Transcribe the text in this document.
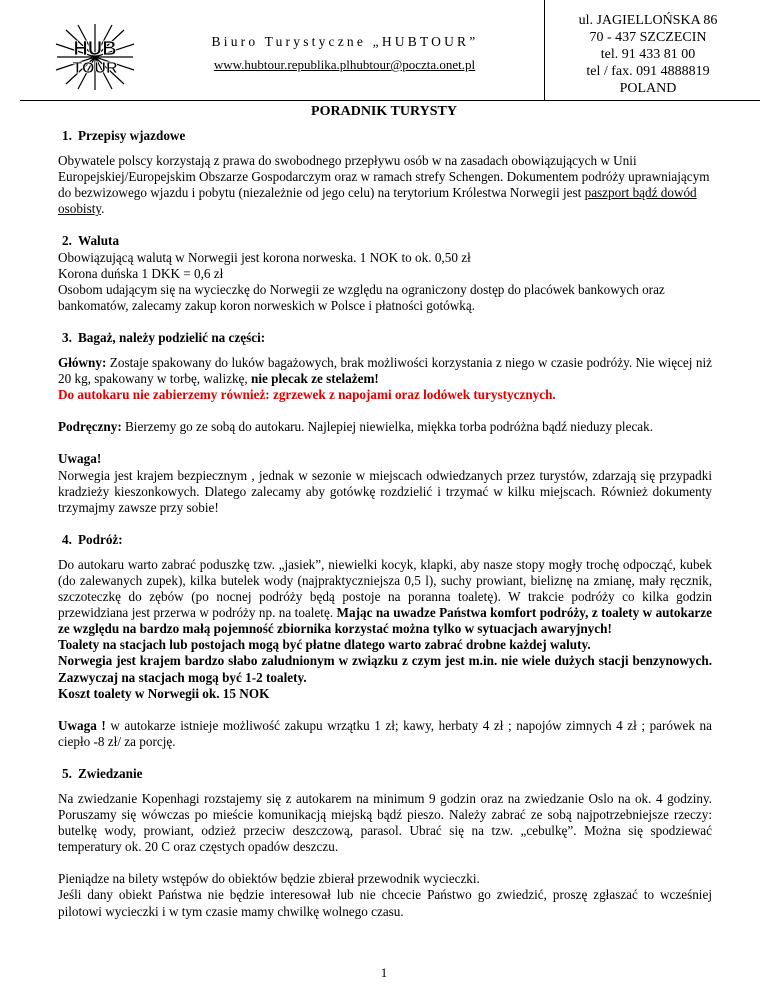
HUB
TOUR
Biuro Turystyczne „HUBTOUR”
www.hubtour.republika.plhubtour@poczta.onet.pl
ul. JAGIELLOŃSKA 86
70 - 437 SZCZECIN
tel. 91 433 81 00
tel / fax. 091 4888819
POLAND
PORADNIK TURYSTY

1. Przepisy wjazdowe

Obywatele polscy korzystają z prawa do swobodnego przepływu osób w na zasadach obowiązujących w Unii Europejskiej/Europejskim Obszarze Gospodarczym oraz w ramach strefy Schengen. Dokumentem podróży uprawniającym do bezwizowego wjazdu i pobytu (niezależnie od jego celu) na terytorium Królestwa Norwegii jest paszport bądź dowód osobisty.

2. Waluta

Obowiązującą walutą w Norwegii jest korona norweska. 1 NOK to ok. 0,50 zł

Korona duńska 1 DKK = 0,6 zł

Osobom udającym się na wycieczkę do Norwegii ze względu na ograniczony dostęp do placówek bankowych oraz bankomatów, zalecamy zakup koron norweskich w Polsce i płatności gotówką.

3. Bagaż, należy podzielić na części:

Główny: Zostaje spakowany do luków bagażowych, brak możliwości korzystania z niego w czasie podróży. Nie więcej niż 20 kg, spakowany w torbę, walizkę, nie plecak ze stelażem!

Do autokaru nie zabierzemy również: zgrzewek z napojami oraz lodówek turystycznych.

Podręczny: Bierzemy go ze sobą do autokaru. Najlepiej niewielka, miękka torba podróżna bądź nieduzy plecak.

Uwaga!

Norwegia jest krajem bezpiecznym , jednak w sezonie w miejscach odwiedzanych przez turystów, zdarzają się przypadki kradzieży kieszonkowych. Dlatego zalecamy aby gotówkę rozdzielić i trzymać w kilku miejscach. Również dokumenty trzymajmy zawsze przy sobie!

4. Podróż:

Do autokaru warto zabrać poduszkę tzw. „jasiek”, niewielki kocyk, klapki, aby nasze stopy mogły trochę odpocząć, kubek (do zalewanych zupek), kilka butelek wody (najpraktyczniejsza 0,5 l), suchy prowiant, bieliznę na zmianę, mały ręcznik, szczoteczkę do zębów (po nocnej podróży będą postoje na poranna toaletę). W trakcie podróży co kilka godzin przewidziana jest przerwa w podróży np. na toaletę. Mając na uwadze Państwa komfort podróży, z toalety w autokarze ze względu na bardzo małą pojemność zbiornika korzystać można tylko w sytuacjach awaryjnych!

Toalety na stacjach lub postojach mogą być płatne dlatego warto zabrać drobne każdej waluty.

Norwegia jest krajem bardzo słabo zaludnionym w związku z czym jest m.in. nie wiele dużych stacji benzynowych. Zazwyczaj na stacjach mogą być 1-2 toalety.

Koszt toalety w Norwegii ok. 15 NOK

Uwaga ! w autokarze istnieje możliwość zakupu wrzątku 1 zł; kawy, herbaty 4 zł ; napojów zimnych 4 zł ; parówek na ciepło -8 zł/ za porcję.

5. Zwiedzanie

Na zwiedzanie Kopenhagi rozstajemy się z autokarem na minimum 9 godzin oraz na zwiedzanie Oslo na ok. 4 godziny. Poruszamy się wówczas po mieście komunikacją miejską bądź pieszo. Należy zabrać ze sobą najpotrzebniejsze rzeczy: butelkę wody, prowiant, odzież przeciw deszczową, parasol. Ubrać się na tzw. „cebulkę”. Można się spodziewać temperatury ok. 20 C oraz częstych opadów deszczu.

Pieniądze na bilety wstępów do obiektów będzie zbierał przewodnik wycieczki.

Jeśli dany obiekt Państwa nie będzie interesował lub nie chcecie Państwo go zwiedzić, proszę zgłaszać to wcześniej pilotowi wycieczki i w tym czasie mamy chwilkę wolnego czasu.

1
